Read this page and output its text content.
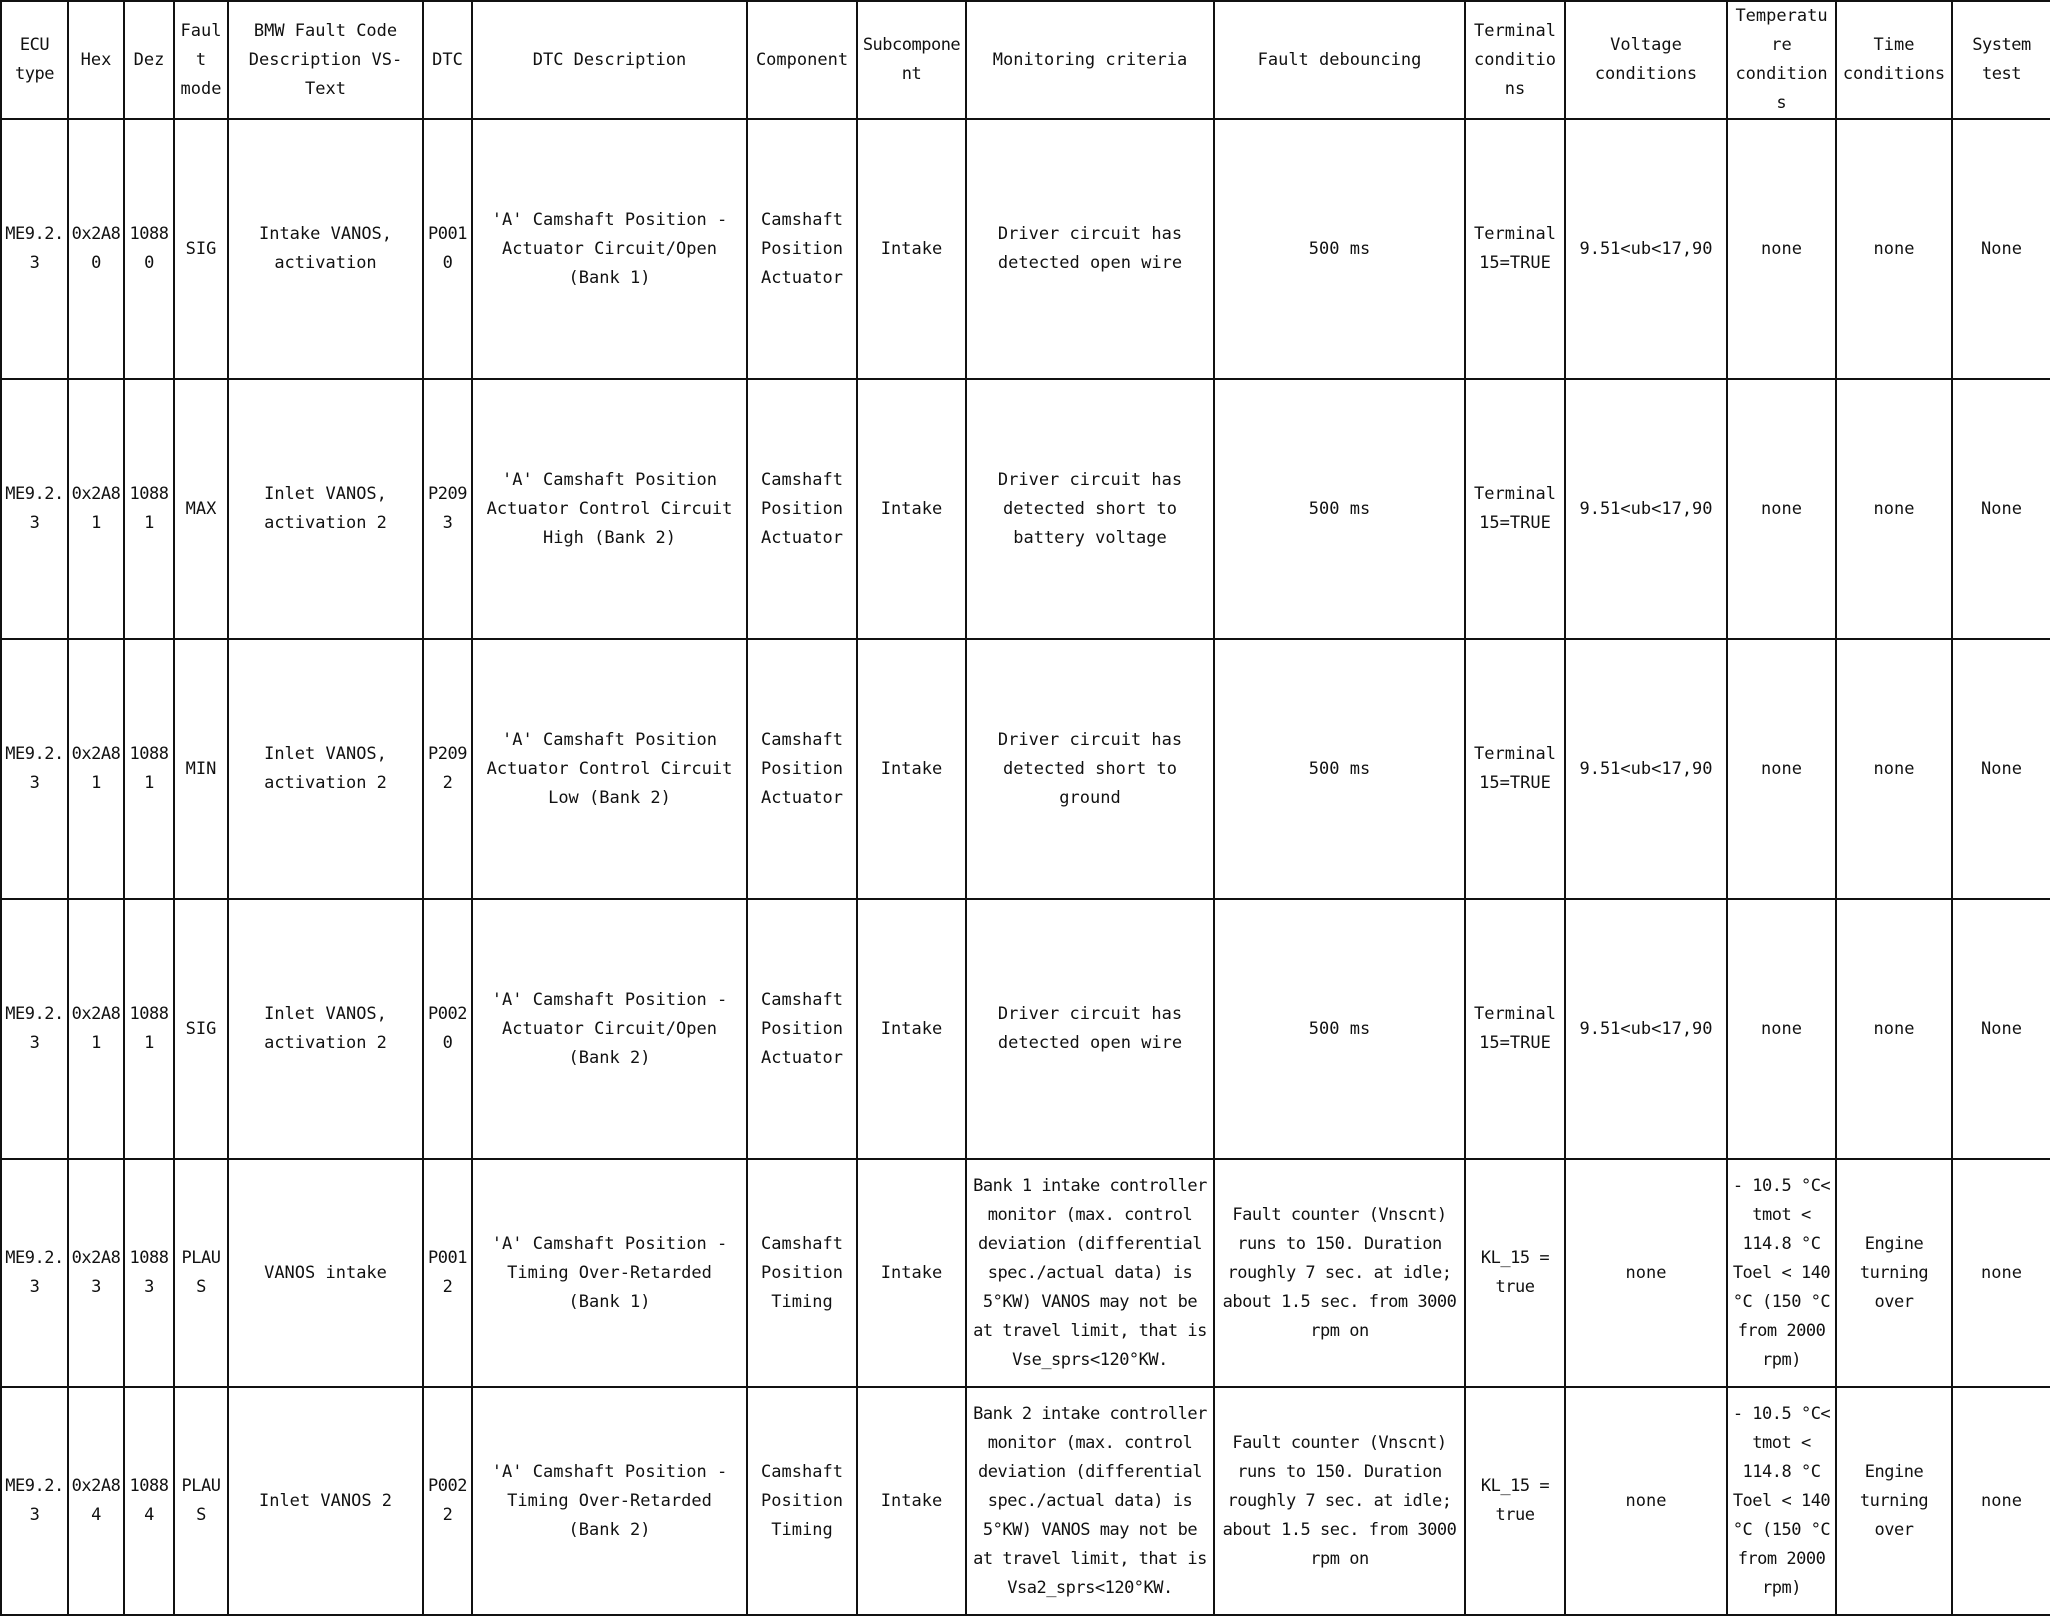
ECU type	Hex	Dez	Fault mode	BMW Fault Code Description VS-Text	DTC	DTC Description	Component	Subcomponent	Monitoring criteria	Fault debouncing	Terminal conditions	Voltage conditions	Temperature conditions	Time conditions	System test
ME9.2.3	0x2A80	10880	SIG	Intake VANOS, activation	P0010	'A' Camshaft Position - Actuator Circuit/Open (Bank 1)	Camshaft Position Actuator	Intake	Driver circuit has detected open wire	500 ms	Terminal 15=TRUE	9.51<ub<17,90	none	none	None
ME9.2.3	0x2A81	10881	MAX	Inlet VANOS, activation 2	P2093	'A' Camshaft Position Actuator Control Circuit High (Bank 2)	Camshaft Position Actuator	Intake	Driver circuit has detected short to battery voltage	500 ms	Terminal 15=TRUE	9.51<ub<17,90	none	none	None
ME9.2.3	0x2A81	10881	MIN	Inlet VANOS, activation 2	P2092	'A' Camshaft Position Actuator Control Circuit Low (Bank 2)	Camshaft Position Actuator	Intake	Driver circuit has detected short to ground	500 ms	Terminal 15=TRUE	9.51<ub<17,90	none	none	None
ME9.2.3	0x2A81	10881	SIG	Inlet VANOS, activation 2	P0020	'A' Camshaft Position - Actuator Circuit/Open (Bank 2)	Camshaft Position Actuator	Intake	Driver circuit has detected open wire	500 ms	Terminal 15=TRUE	9.51<ub<17,90	none	none	None
ME9.2.3	0x2A83	10883	PLAUS	VANOS intake	P0012	'A' Camshaft Position - Timing Over-Retarded (Bank 1)	Camshaft Position Timing	Intake	Bank 1 intake controller monitor (max. control deviation (differential spec./actual data) is 5°KW) VANOS may not be at travel limit, that is Vse_sprs<120°KW.	Fault counter (Vnscnt) runs to 150. Duration roughly 7 sec. at idle; about 1.5 sec. from 3000 rpm on	KL_15 = true	none	- 10.5 °C< tmot < 114.8 °C Toel < 140 °C (150 °C from 2000 rpm)	Engine turning over	none
ME9.2.3	0x2A84	10884	PLAUS	Inlet VANOS 2	P0022	'A' Camshaft Position - Timing Over-Retarded (Bank 2)	Camshaft Position Timing	Intake	Bank 2 intake controller monitor (max. control deviation (differential spec./actual data) is 5°KW) VANOS may not be at travel limit, that is Vsa2_sprs<120°KW.	Fault counter (Vnscnt) runs to 150. Duration roughly 7 sec. at idle; about 1.5 sec. from 3000 rpm on	KL_15 = true	none	- 10.5 °C< tmot < 114.8 °C Toel < 140 °C (150 °C from 2000 rpm)	Engine turning over	none
